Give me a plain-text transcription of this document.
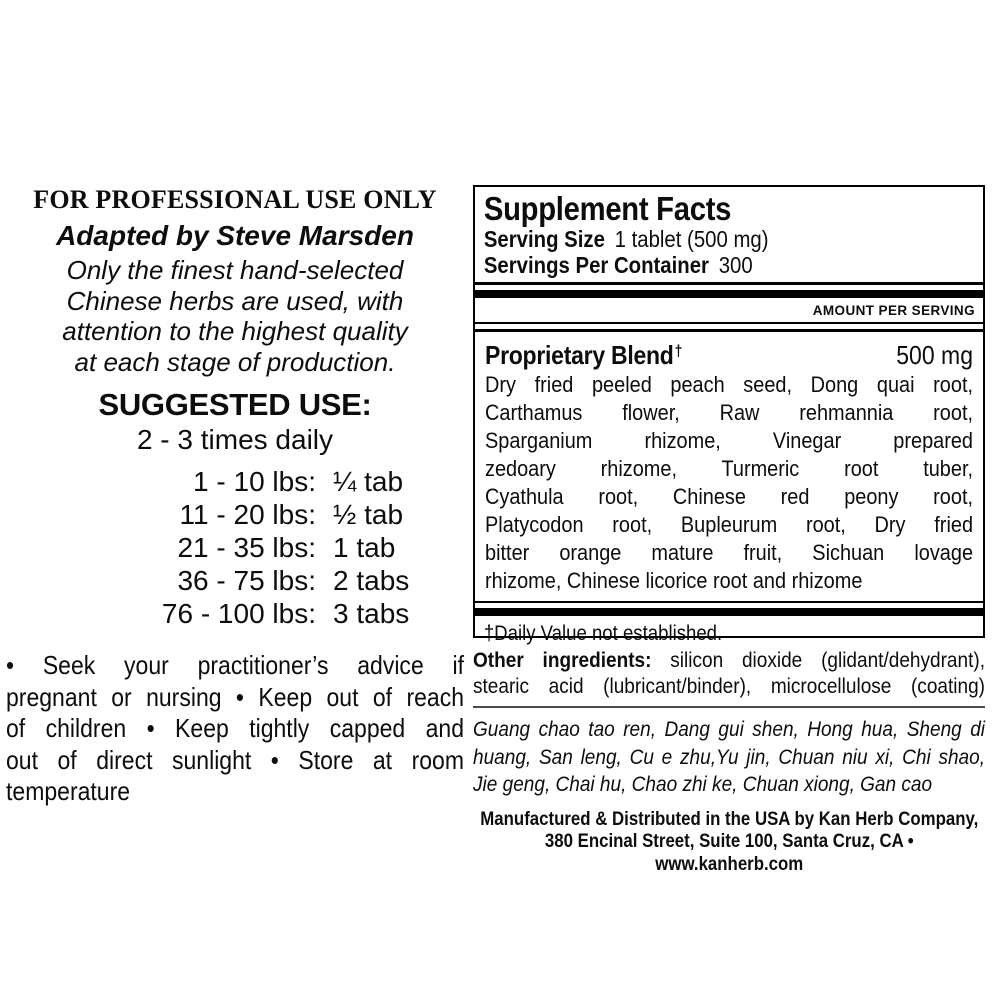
FOR PROFESSIONAL USE ONLY
Adapted by Steve Marsden
Only the finest hand-selected
Chinese herbs are used, with
attention to the highest quality
at each stage of production.
SUGGESTED USE:
2 - 3 times daily
1 - 10 lbs: ¼ tab
11 - 20 lbs: ½ tab
21 - 35 lbs: 1 tab
36 - 75 lbs: 2 tabs
76 - 100 lbs: 3 tabs
• Seek your practitioner’s advice if
pregnant or nursing • Keep out of reach
of children • Keep tightly capped and
out of direct sunlight • Store at room
temperature
Supplement Facts
Serving Size 1 tablet (500 mg)
Servings Per Container 300
AMOUNT PER SERVING
Proprietary Blend†	500 mg
Dry fried peeled peach seed, Dong quai root,
Carthamus flower, Raw rehmannia root,
Sparganium rhizome, Vinegar prepared
zedoary rhizome, Turmeric root tuber,
Cyathula root, Chinese red peony root,
Platycodon root, Bupleurum root, Dry fried
bitter orange mature fruit, Sichuan lovage
rhizome, Chinese licorice root and rhizome
†Daily Value not established.
Other ingredients: silicon dioxide (glidant/dehydrant),
stearic acid (lubricant/binder), microcellulose (coating)
Guang chao tao ren, Dang gui shen, Hong hua, Sheng di
huang, San leng, Cu e zhu,Yu jin, Chuan niu xi, Chi shao,
Jie geng, Chai hu, Chao zhi ke, Chuan xiong, Gan cao
Manufactured & Distributed in the USA by Kan Herb Company,
380 Encinal Street, Suite 100, Santa Cruz, CA • www.kanherb.com
